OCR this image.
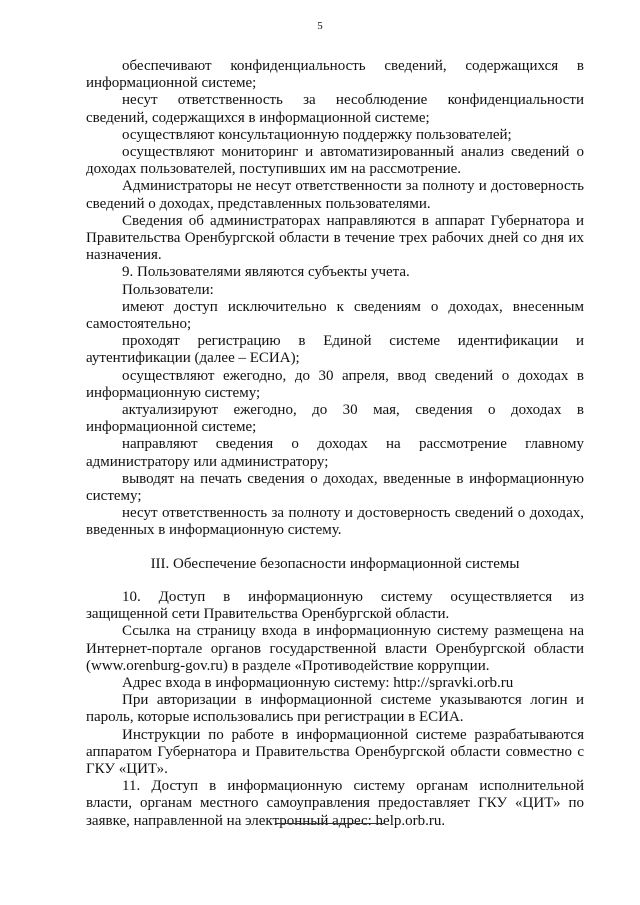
5

обеспечивают конфиденциальность сведений, содержащихся в информационной системе;

несут ответственность за несоблюдение конфиденциальности сведений, содержащихся в информационной системе;

осуществляют консультационную поддержку пользователей;

осуществляют мониторинг и автоматизированный анализ сведений о доходах пользователей, поступивших им на рассмотрение.

Администраторы не несут ответственности за полноту и достоверность сведений о доходах, представленных пользователями.

Сведения об администраторах направляются в аппарат Губернатора и Правительства Оренбургской области в течение трех рабочих дней со дня их назначения.

9. Пользователями являются субъекты учета.

Пользователи:

имеют доступ исключительно к сведениям о доходах, внесенным самостоятельно;

проходят регистрацию в Единой системе идентификации и аутентификации (далее – ЕСИА);

осуществляют ежегодно, до 30 апреля, ввод сведений о доходах в информационную систему;

актуализируют ежегодно, до 30 мая, сведения о доходах в информационной системе;

направляют сведения о доходах на рассмотрение главному администратору или администратору;

выводят на печать сведения о доходах, введенные в информационную систему;

несут ответственность за полноту и достоверность сведений о доходах, введенных в информационную систему.

III. Обеспечение безопасности информационной системы

10. Доступ в информационную систему осуществляется из защищенной сети Правительства Оренбургской области.

Ссылка на страницу входа в информационную систему размещена на Интернет-портале органов государственной власти Оренбургской области (www.orenburg-gov.ru) в разделе «Противодействие коррупции.

Адрес входа в информационную систему: http://spravki.orb.ru

При авторизации в информационной системе указываются логин и пароль, которые использовались при регистрации в ЕСИА.

Инструкции по работе в информационной системе разрабатываются аппаратом Губернатора и Правительства Оренбургской области совместно с ГКУ «ЦИТ».

11. Доступ в информационную систему органам исполнительной власти, органам местного самоуправления предоставляет ГКУ «ЦИТ» по заявке, направленной на электронный адрес: help.orb.ru.
